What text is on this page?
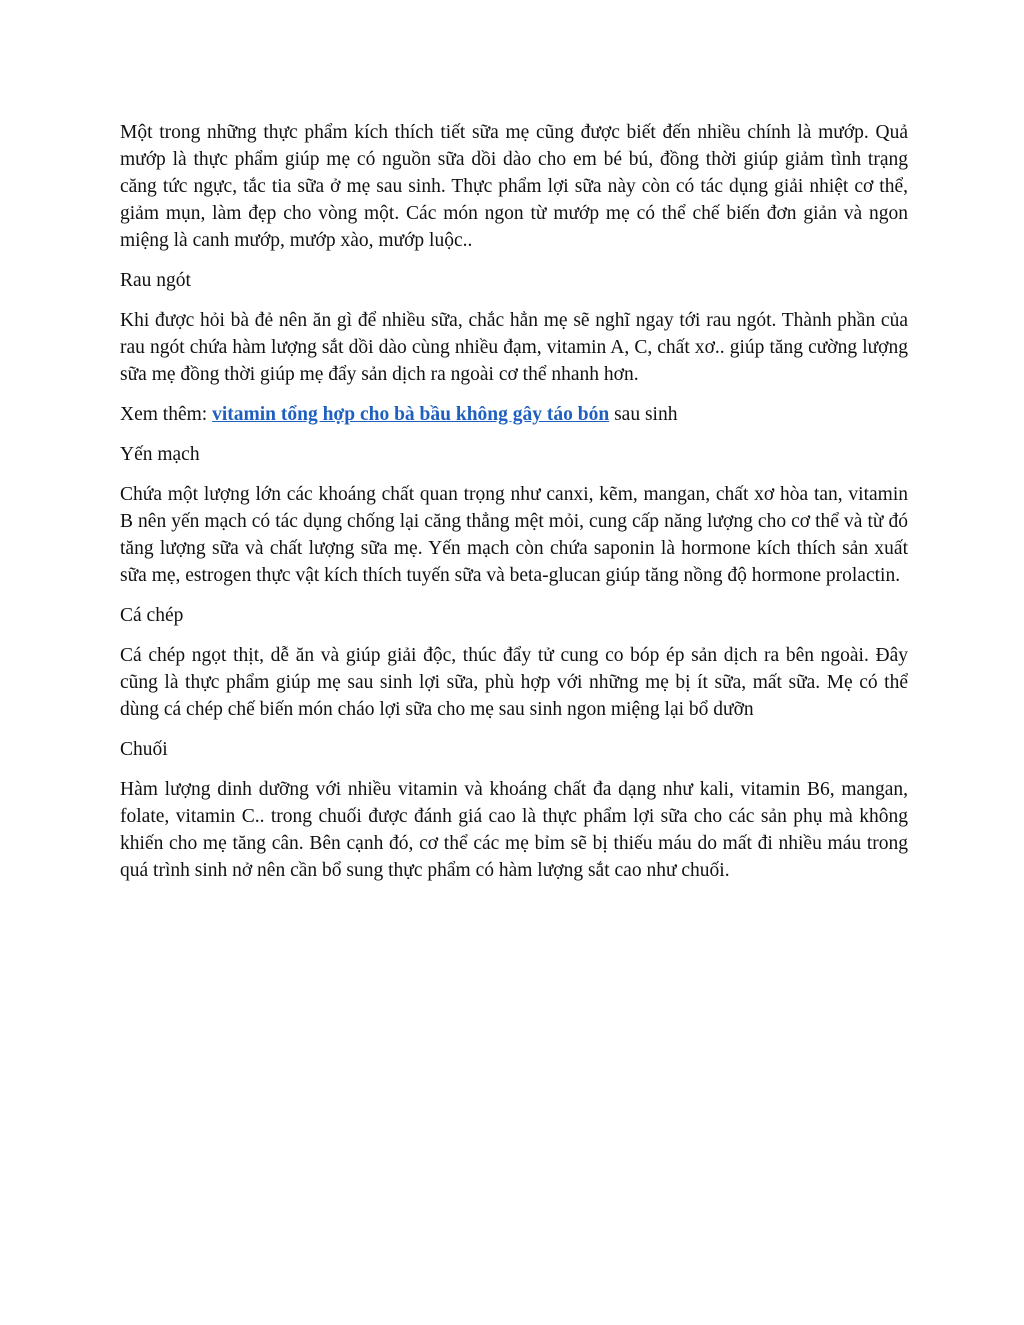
Một trong những thực phẩm kích thích tiết sữa mẹ cũng được biết đến nhiều chính là mướp. Quả mướp là thực phẩm giúp mẹ có nguồn sữa dồi dào cho em bé bú, đồng thời giúp giảm tình trạng căng tức ngực, tắc tia sữa ở mẹ sau sinh. Thực phẩm lợi sữa này còn có tác dụng giải nhiệt cơ thể, giảm mụn, làm đẹp cho vòng một. Các món ngon từ mướp mẹ có thể chế biến đơn giản và ngon miệng là canh mướp, mướp xào, mướp luộc..

Rau ngót

Khi được hỏi bà đẻ nên ăn gì để nhiều sữa, chắc hẳn mẹ sẽ nghĩ ngay tới rau ngót. Thành phần của rau ngót chứa hàm lượng sắt dồi dào cùng nhiều đạm, vitamin A, C, chất xơ.. giúp tăng cường lượng sữa mẹ đồng thời giúp mẹ đẩy sản dịch ra ngoài cơ thể nhanh hơn.

Xem thêm: vitamin tổng hợp cho bà bầu không gây táo bón sau sinh

Yến mạch

Chứa một lượng lớn các khoáng chất quan trọng như canxi, kẽm, mangan, chất xơ hòa tan, vitamin B nên yến mạch có tác dụng chống lại căng thẳng mệt mỏi, cung cấp năng lượng cho cơ thể và từ đó tăng lượng sữa và chất lượng sữa mẹ. Yến mạch còn chứa saponin là hormone kích thích sản xuất sữa mẹ, estrogen thực vật kích thích tuyến sữa và beta-glucan giúp tăng nồng độ hormone prolactin.

Cá chép

Cá chép ngọt thịt, dễ ăn và giúp giải độc, thúc đẩy tử cung co bóp ép sản dịch ra bên ngoài. Đây cũng là thực phẩm giúp mẹ sau sinh lợi sữa, phù hợp với những mẹ bị ít sữa, mất sữa. Mẹ có thể dùng cá chép chế biến món cháo lợi sữa cho mẹ sau sinh ngon miệng lại bổ dưỡn

Chuối

Hàm lượng dinh dưỡng với nhiều vitamin và khoáng chất đa dạng như kali, vitamin B6, mangan, folate, vitamin C.. trong chuối được đánh giá cao là thực phẩm lợi sữa cho các sản phụ mà không khiến cho mẹ tăng cân. Bên cạnh đó, cơ thể các mẹ bỉm sẽ bị thiếu máu do mất đi nhiều máu trong quá trình sinh nở nên cần bổ sung thực phẩm có hàm lượng sắt cao như chuối.
